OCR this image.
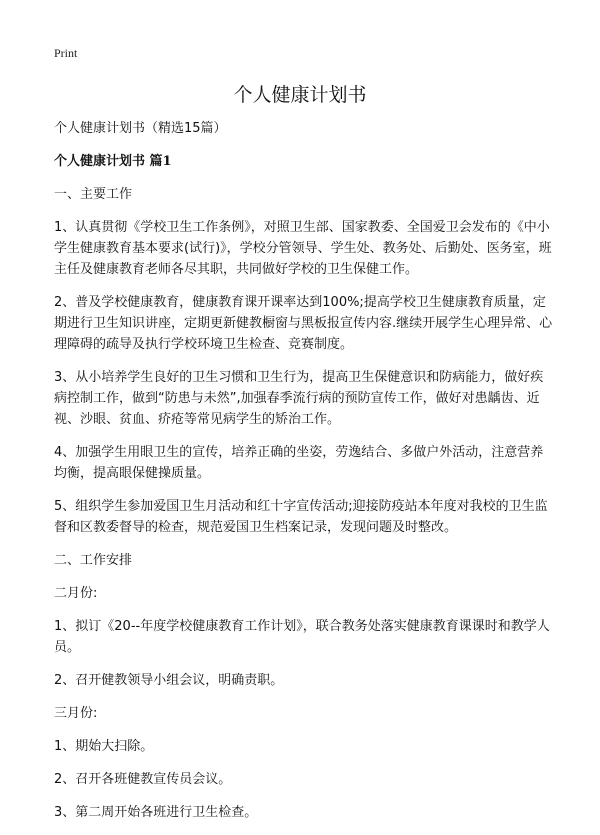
Print
个人健康计划书

个人健康计划书（精选15篇）

个人健康计划书 篇1

一、主要工作

1、认真贯彻《学校卫生工作条例》，对照卫生部、国家教委、全国爱卫会发布的《中小学生健康教育基本要求(试行)》，学校分管领导、学生处、教务处、后勤处、医务室，班主任及健康教育老师各尽其职，共同做好学校的卫生保健工作。

2、普及学校健康教育，健康教育课开课率达到100%;提高学校卫生健康教育质量，定期进行卫生知识讲座，定期更新健教橱窗与黑板报宣传内容.继续开展学生心理异常、心理障碍的疏导及执行学校环境卫生检查、竞赛制度。

3、从小培养学生良好的卫生习惯和卫生行为，提高卫生保健意识和防病能力，做好疾病控制工作，做到“防患与未然”,加强春季流行病的预防宣传工作，做好对患龋齿、近视、沙眼、贫血、疥疮等常见病学生的矫治工作。

4、加强学生用眼卫生的宣传，培养正确的坐姿，劳逸结合、多做户外活动，注意营养均衡，提高眼保健操质量。

5、组织学生参加爱国卫生月活动和红十字宣传活动;迎接防疫站本年度对我校的卫生监督和区教委督导的检查，规范爱国卫生档案记录，发现问题及时整改。

二、工作安排

二月份:

1、拟订《20--年度学校健康教育工作计划》，联合教务处落实健康教育课课时和教学人员。

2、召开健教领导小组会议，明确责职。

三月份:

1、期始大扫除。

2、召开各班健教宣传员会议。

3、第二周开始各班进行卫生检查。
